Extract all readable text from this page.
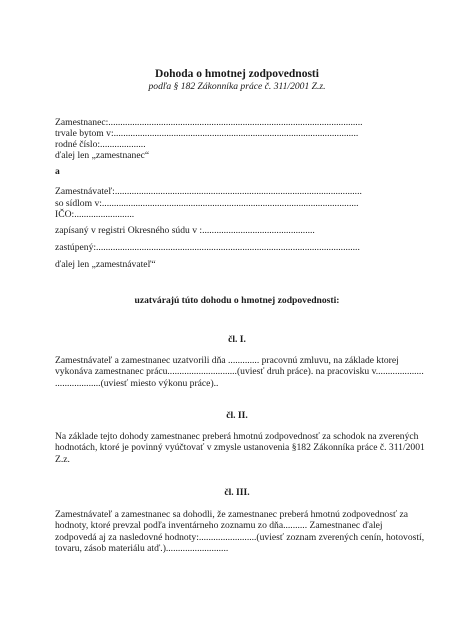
Dohoda o hmotnej zodpovednosti
podľa § 182 Zákonníka práce č. 311/2001 Z.z.
Zamestnanec:..........................................................................................................
trvale bytom v:......................................................................................................
rodné číslo:...................
ďalej len „zamestnanec“
a
Zamestnávateľ:.......................................................................................................
so sídlom v:...........................................................................................................
IČO:.........................
zapísaný v registri Okresného súdu v :...............................................
zastúpený:..............................................................................................................
ďalej len „zamestnávateľ“
uzatvárajú túto dohodu o hmotnej zodpovednosti:
čl. I.
Zamestnávateľ a zamestnanec uzatvorili dňa ............. pracovnú zmluvu, na základe ktorej
vykonáva zamestnanec prácu.............................(uviesť druh práce). na pracovisku v....................
...................(uviesť miesto výkonu práce)..
čl. II.
Na základe tejto dohody zamestnanec preberá hmotnú zodpovednosť za schodok na zverených
hodnotách, ktoré je povinný vyúčtovať v zmysle ustanovenia §182 Zákonníka práce č. 311/2001
Z.z.
čl. III.
Zamestnávateľ a zamestnanec sa dohodli, že zamestnanec preberá hmotnú zodpovednosť za
hodnoty, ktoré prevzal podľa inventárneho zoznamu zo dňa.......... Zamestnanec ďalej
zodpovedá aj za nasledovné hodnoty:........................(uviesť zoznam zverených cenín, hotovostí,
tovaru, zásob materiálu atď.)..........................
